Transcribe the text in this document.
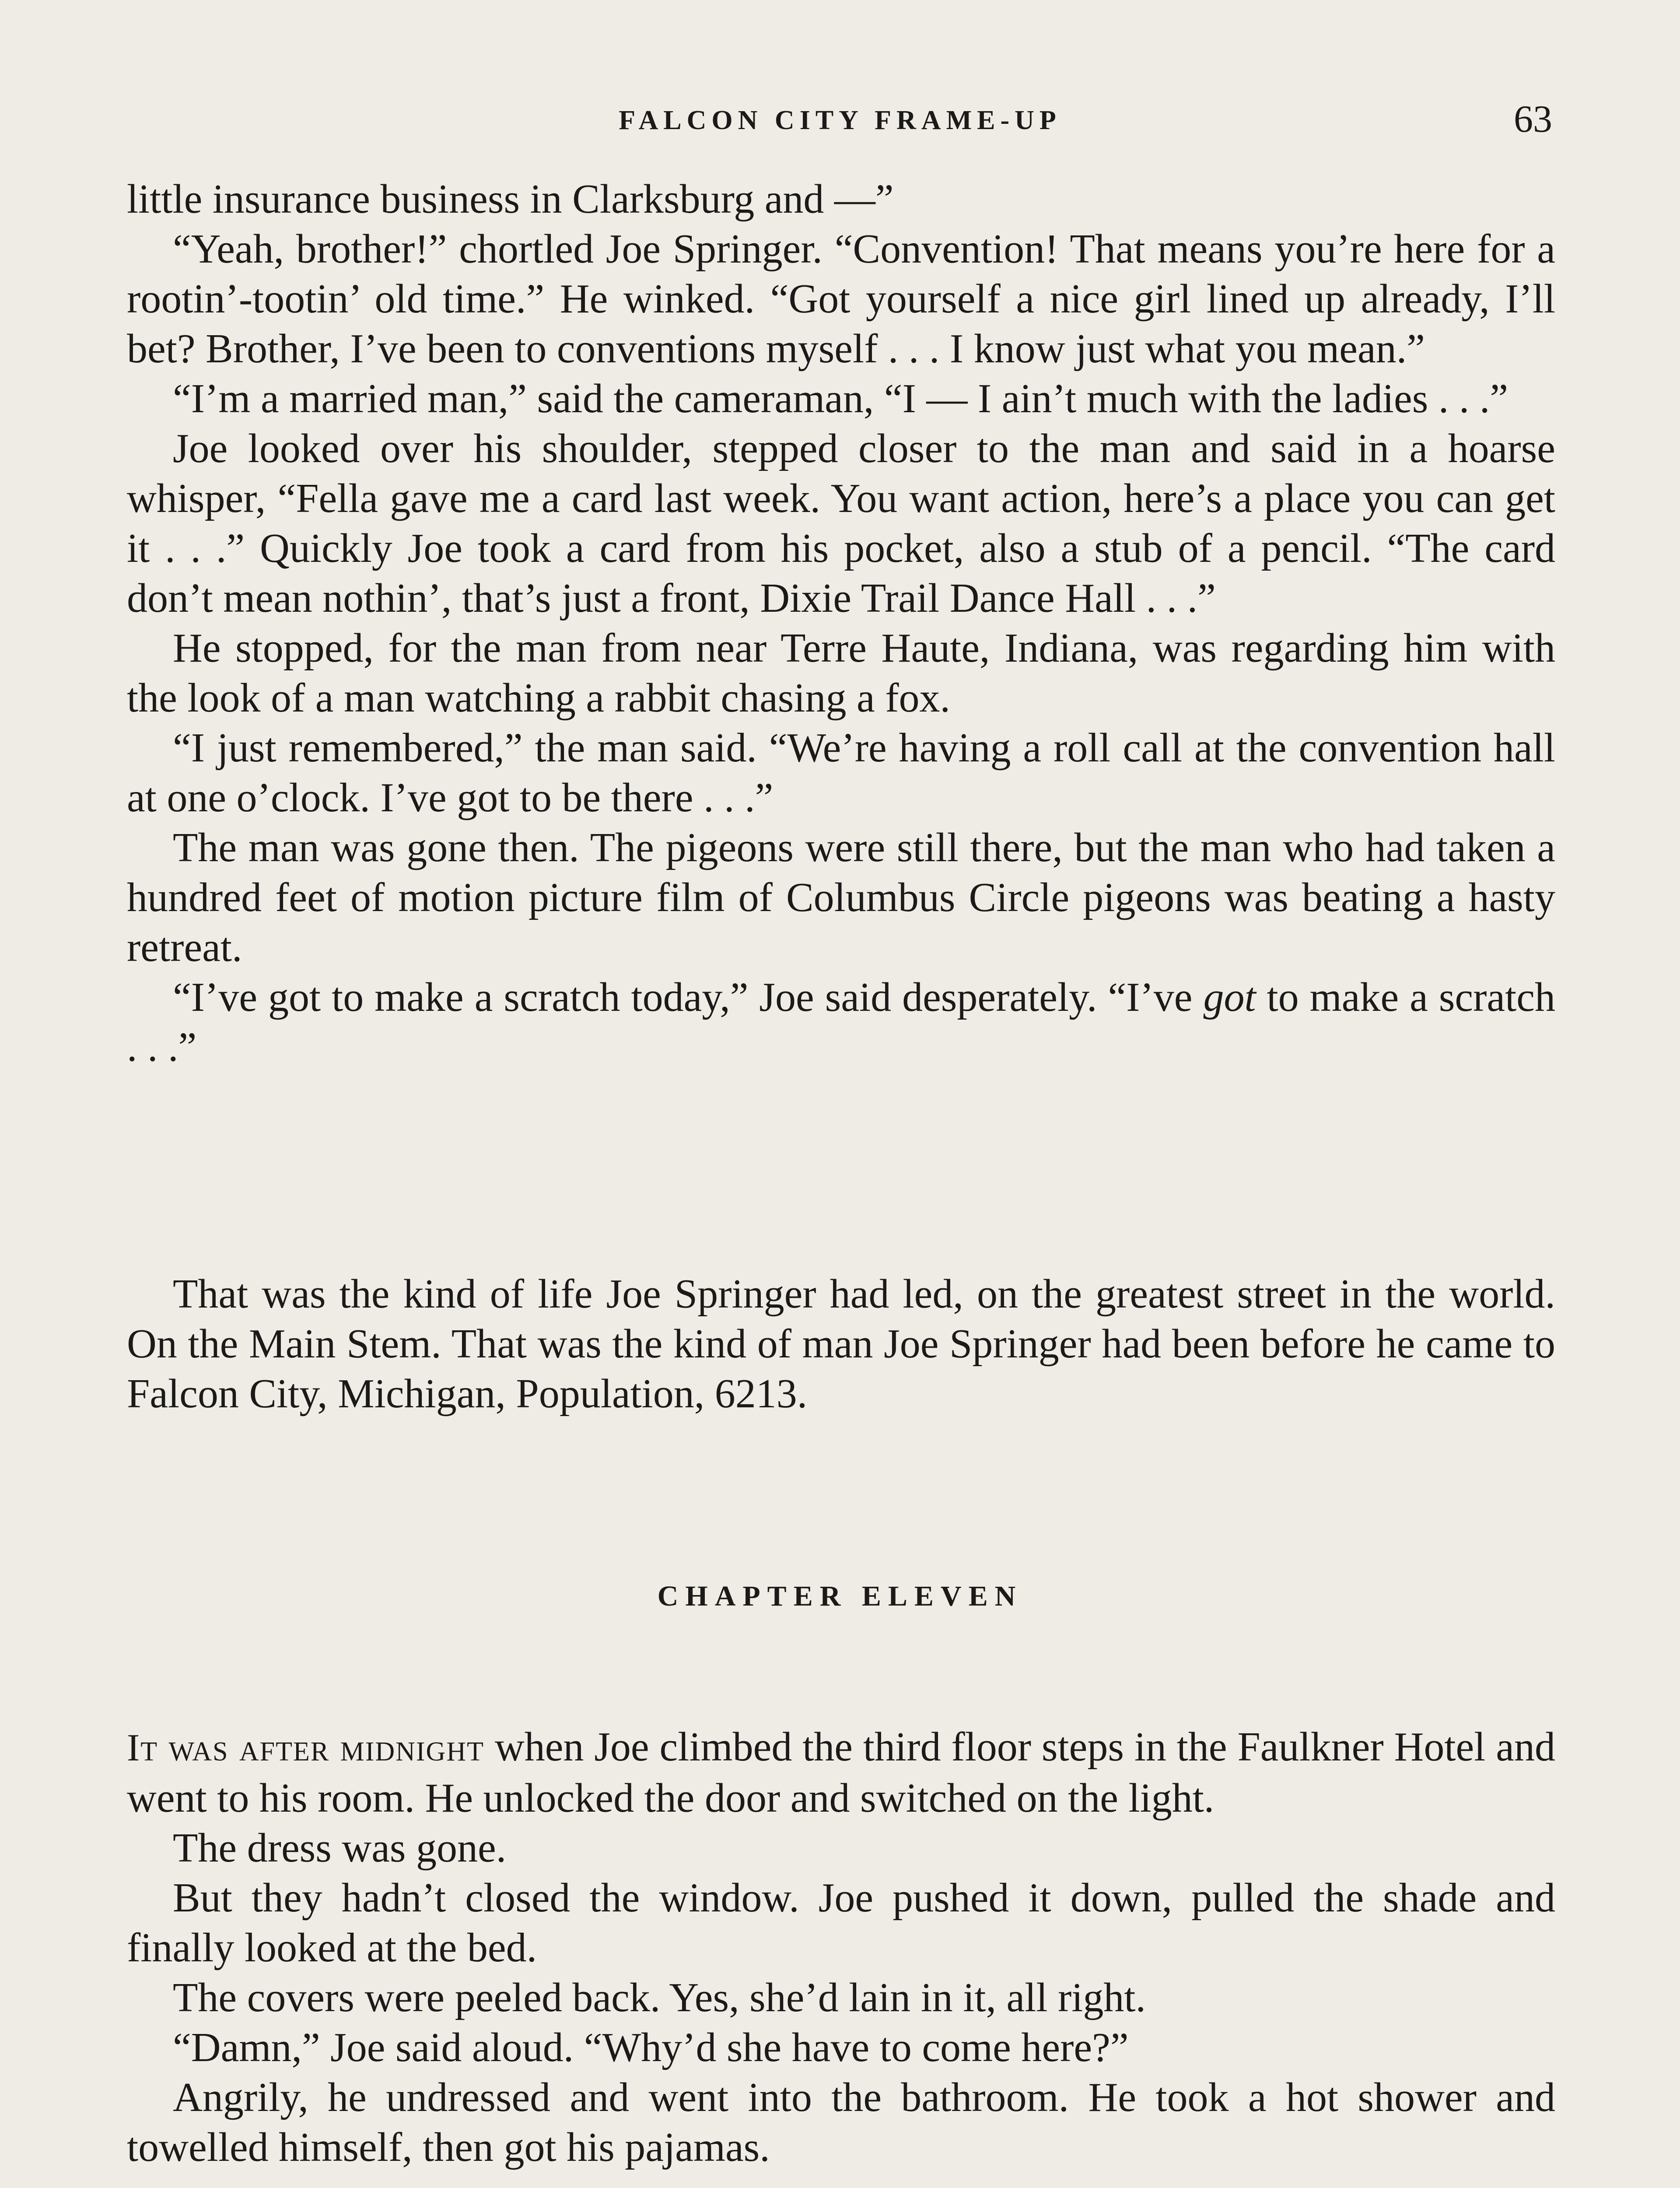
FALCON CITY FRAME-UP	63

little insurance business in Clarksburg and —”

“Yeah, brother!” chortled Joe Springer. “Convention! That means you’re here for a rootin’-tootin’ old time.” He winked. “Got yourself a nice girl lined up already, I’ll bet? Brother, I’ve been to conventions myself . . . I know just what you mean.”

“I’m a married man,” said the cameraman, “I — I ain’t much with the ladies . . .”

Joe looked over his shoulder, stepped closer to the man and said in a hoarse whisper, “Fella gave me a card last week. You want action, here’s a place you can get it . . .” Quickly Joe took a card from his pocket, also a stub of a pencil. “The card don’t mean nothin’, that’s just a front, Dixie Trail Dance Hall . . .”

He stopped, for the man from near Terre Haute, Indiana, was regarding him with the look of a man watching a rabbit chasing a fox.

“I just remembered,” the man said. “We’re having a roll call at the convention hall at one o’clock. I’ve got to be there . . .”

The man was gone then. The pigeons were still there, but the man who had taken a hundred feet of motion picture film of Columbus Circle pigeons was beating a hasty retreat.

“I’ve got to make a scratch today,” Joe said desperately. “I’ve got to make a scratch . . .”

That was the kind of life Joe Springer had led, on the greatest street in the world. On the Main Stem. That was the kind of man Joe Springer had been before he came to Falcon City, Michigan, Population, 6213.

CHAPTER ELEVEN

It was after midnight when Joe climbed the third floor steps in the Faulkner Hotel and went to his room. He unlocked the door and switched on the light.

The dress was gone.

But they hadn’t closed the window. Joe pushed it down, pulled the shade and finally looked at the bed.

The covers were peeled back. Yes, she’d lain in it, all right.

“Damn,” Joe said aloud. “Why’d she have to come here?”

Angrily, he undressed and went into the bathroom. He took a hot shower and towelled himself, then got his pajamas.
